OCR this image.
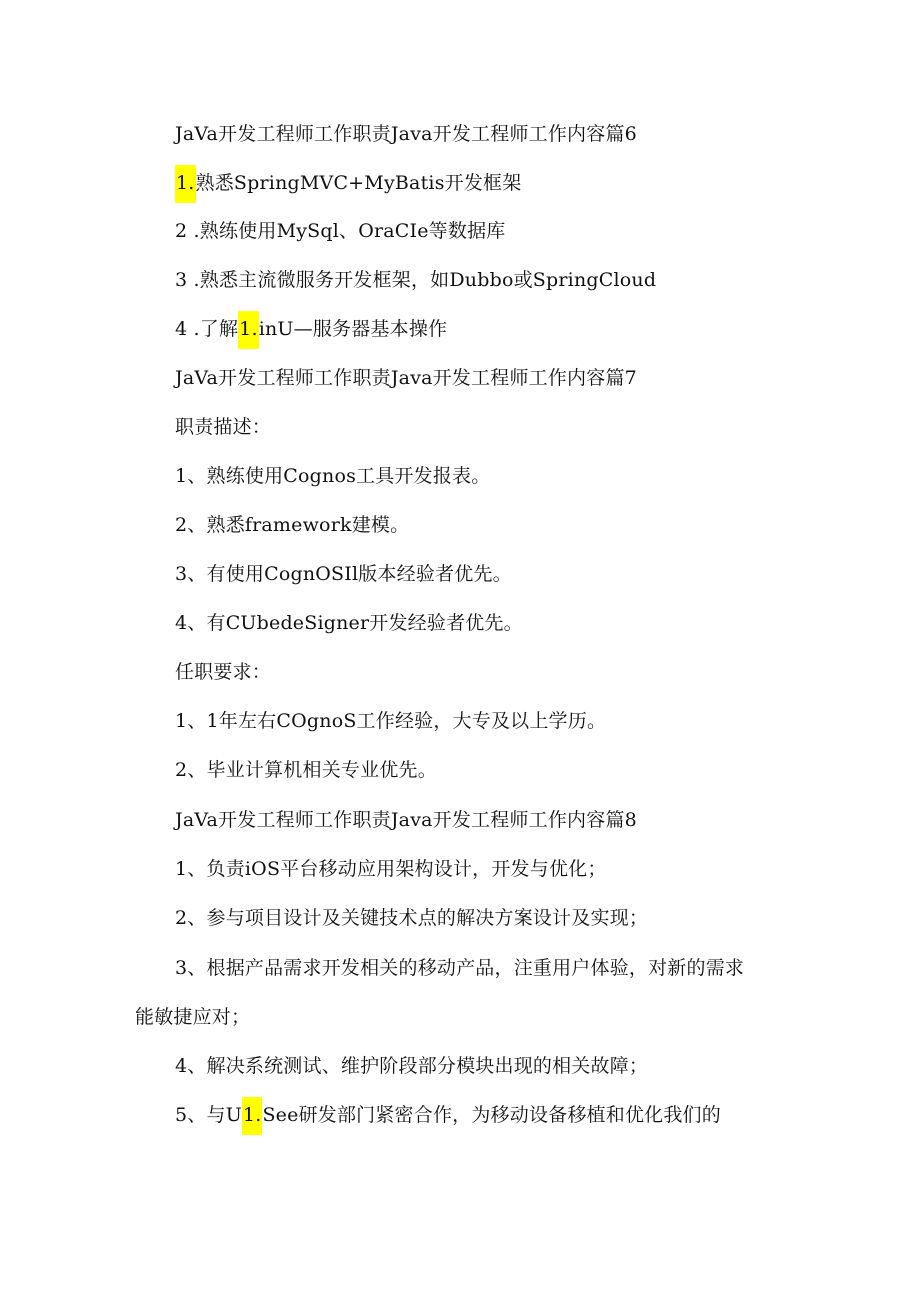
JaVa开发工程师工作职责Java开发工程师工作内容篇6
1.熟悉SpringMVC+MyBatis开发框架
2 .熟练使用MySql、OraCIe等数据库
3 .熟悉主流微服务开发框架，如Dubbo或SpringCloud
4 .了解1.inU—服务器基本操作
JaVa开发工程师工作职责Java开发工程师工作内容篇7
职责描述：
1、熟练使用Cognos工具开发报表。
2、熟悉framework建模。
3、有使用CognOSIl版本经验者优先。
4、有CUbedeSigner开发经验者优先。
任职要求：
1、1年左右COgnoS工作经验，大专及以上学历。
2、毕业计算机相关专业优先。
JaVa开发工程师工作职责Java开发工程师工作内容篇8
1、负责iOS平台移动应用架构设计，开发与优化；
2、参与项目设计及关键技术点的解决方案设计及实现；
3、根据产品需求开发相关的移动产品，注重用户体验，对新的需求
能敏捷应对；
4、解决系统测试、维护阶段部分模块出现的相关故障；
5、与U1.See研发部门紧密合作，为移动设备移植和优化我们的
